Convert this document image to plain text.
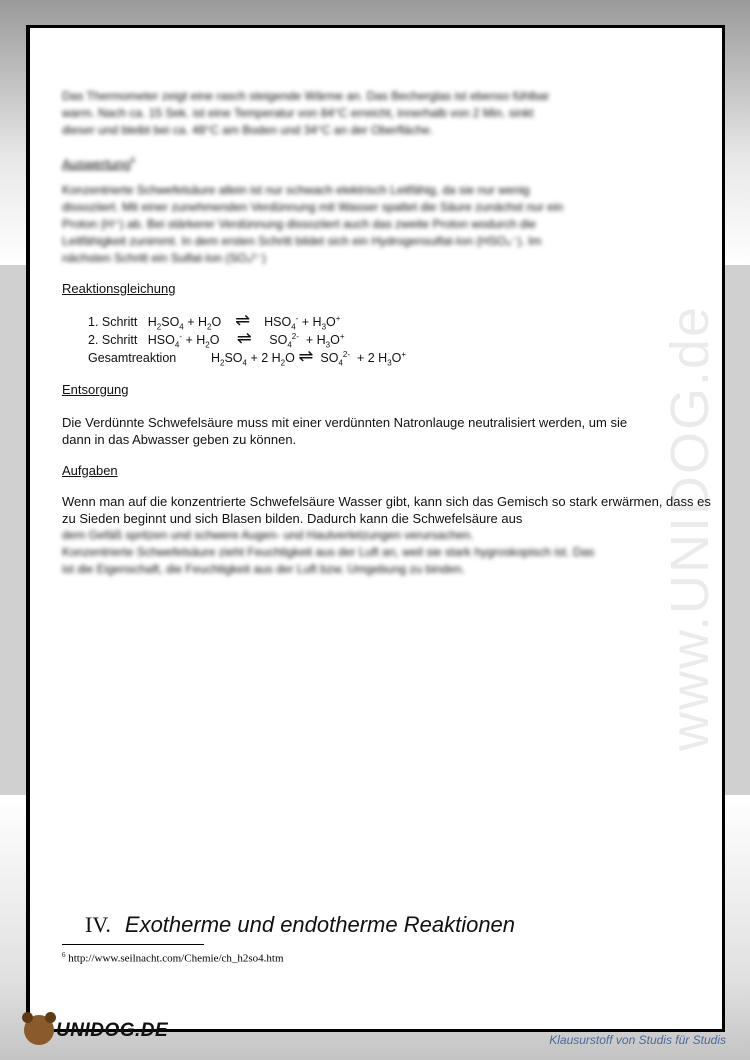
www.UNIDOG.de

Das Thermometer zeigt eine rasch steigende Wärme an. Das Becherglas ist ebenso fühlbar

warm. Nach ca. 15 Sek. ist eine Temperatur von 84°C erreicht, innerhalb von 2 Min. sinkt

dieser und bleibt bei ca. 48°C am Boden und 34°C an der Oberfläche.

Auswertung$^6$

Konzentrierte Schwefelsäure allein ist nur schwach elektrisch Leitfähig, da sie nur wenig

dissoziiert. Mit einer zunehmenden Verdünnung mit Wasser spaltet die Säure zunächst nur ein

Proton (H⁺) ab. Bei stärkerer Verdünnung dissoziiert auch das zweite Proton wodurch die

Leitfähigkeit zunimmt. In dem ersten Schritt bildet sich ein Hydrogensulfat-Ion (HSO₄⁻). Im

nächsten Schritt ein Sulfat-Ion (SO₄²⁻)

Reaktionsgleichung
1. Schritt   $H_2SO_4 + H_2O$    ⇌    $HSO_4^- + H_3O^+$
2. Schritt   $HSO_4^- + H_2O$     ⇌     $SO_4^{2-} + H_3O^+$
Gesamtreaktion          $H_2SO_4 + 2$ $H_2O$ ⇌  $SO_4^{2-} + 2$ $H_3O^+$
Entsorgung
Die Verdünnte Schwefelsäure muss mit einer verdünnten Natronlauge neutralisiert werden, um sie dann in das Abwasser geben zu können.
Aufgaben
Wenn man auf die konzentrierte Schwefelsäure Wasser gibt, kann sich das Gemisch so stark erwärmen, dass es zu Sieden beginnt und sich Blasen bilden. Dadurch kann die Schwefelsäure aus

dem Gefäß spritzen und schwere Augen- und Hautverletzungen verursachen.

Konzentrierte Schwefelsäure zieht Feuchtigkeit aus der Luft an, weil sie stark hygroskopisch ist. Das

ist die Eigenschaft, die Feuchtigkeit aus der Luft bzw. Umgebung zu binden.

IV. Exotherme und endotherme Reaktionen
$^6$ http://www.seilnacht.com/Chemie/ch_h2so4.htm
UNIDOG.DE	Klausurstoff von Studis für Studis
